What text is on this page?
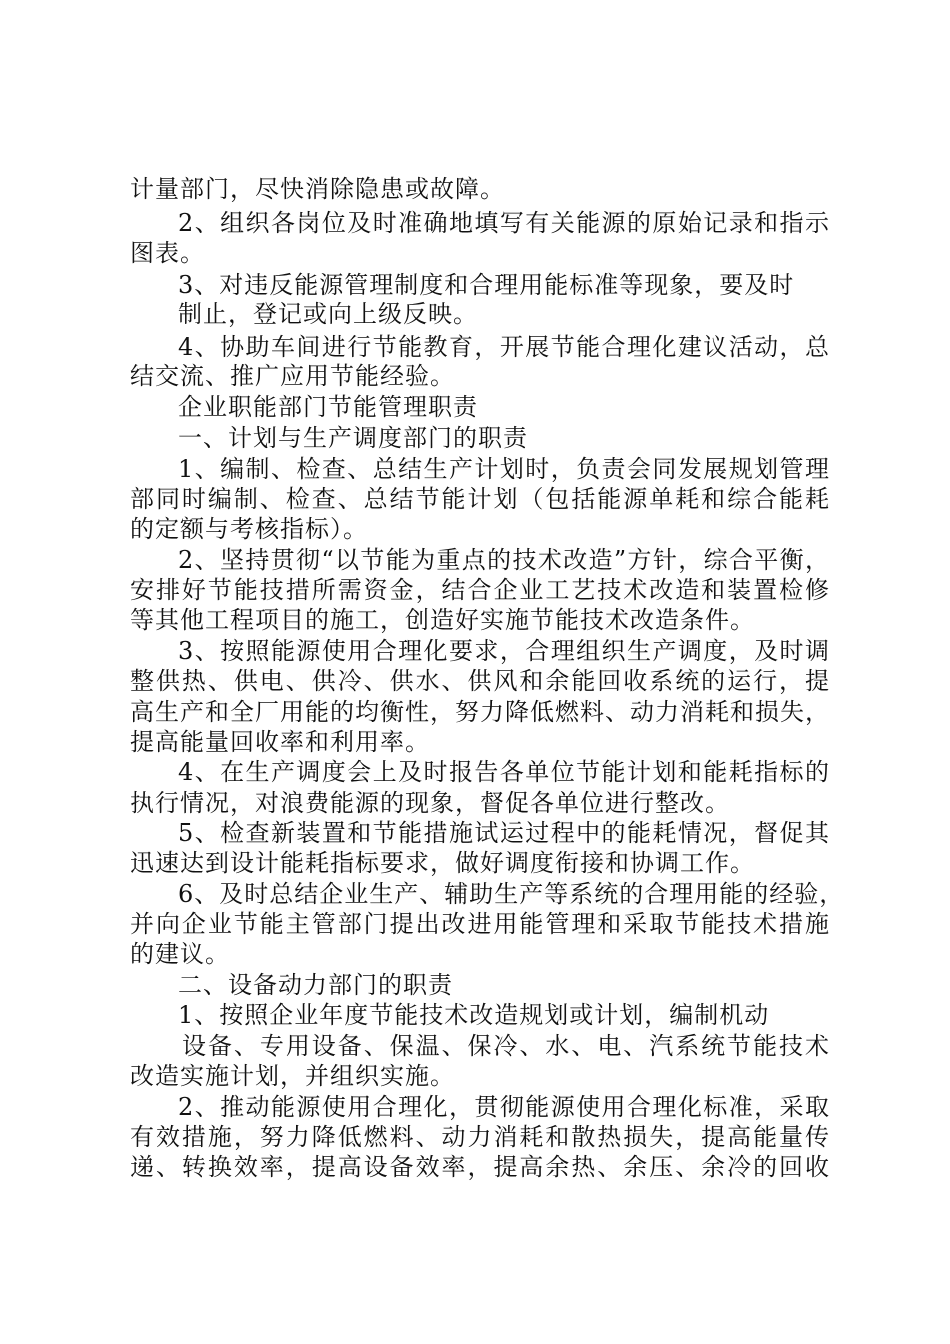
计量部门，尽快消除隐患或故障。
2、组织各岗位及时准确地填写有关能源的原始记录和指示
图表。
3、对违反能源管理制度和合理用能标准等现象，要及时
制止，登记或向上级反映。
4、协助车间进行节能教育，开展节能合理化建议活动，总
结交流、推广应用节能经验。
企业职能部门节能管理职责
一、计划与生产调度部门的职责
1、编制、检查、总结生产计划时，负责会同发展规划管理
部同时编制、检查、总结节能计划（包括能源单耗和综合能耗
的定额与考核指标）。
2、坚持贯彻“以节能为重点的技术改造”方针，综合平衡，
安排好节能技措所需资金，结合企业工艺技术改造和装置检修
等其他工程项目的施工，创造好实施节能技术改造条件。
3、按照能源使用合理化要求，合理组织生产调度，及时调
整供热、供电、供冷、供水、供风和余能回收系统的运行，提
高生产和全厂用能的均衡性，努力降低燃料、动力消耗和损失，
提高能量回收率和利用率。
4、在生产调度会上及时报告各单位节能计划和能耗指标的
执行情况，对浪费能源的现象，督促各单位进行整改。
5、检查新装置和节能措施试运过程中的能耗情况，督促其
迅速达到设计能耗指标要求，做好调度衔接和协调工作。
6、及时总结企业生产、辅助生产等系统的合理用能的经验，
并向企业节能主管部门提出改进用能管理和采取节能技术措施
的建议。
二、设备动力部门的职责
1、按照企业年度节能技术改造规划或计划，编制机动
设备、专用设备、保温、保冷、水、电、汽系统节能技术
改造实施计划，并组织实施。
2、推动能源使用合理化，贯彻能源使用合理化标准，采取
有效措施，努力降低燃料、动力消耗和散热损失，提高能量传
递、转换效率，提高设备效率，提高余热、余压、余冷的回收
